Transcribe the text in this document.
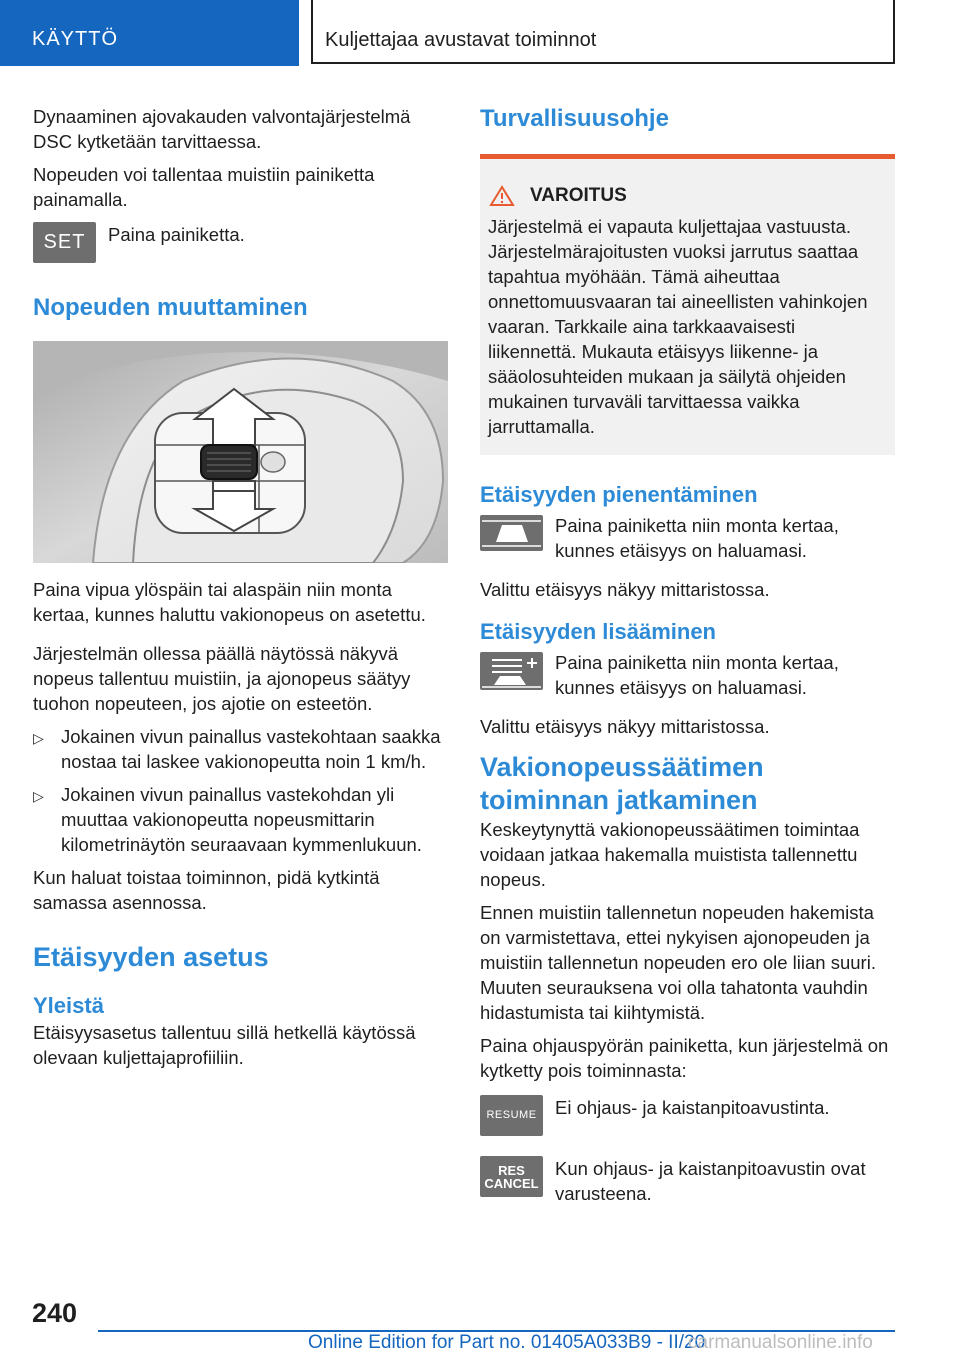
KÄYTTÖ	Kuljettajaa avustavat toiminnot

Dynaaminen ajovakauden valvontajärjestelmä DSC kytketään tarvittaessa.

Nopeuden voi tallentaa muistiin painiketta painamalla.

SET Paina painiketta.
Nopeuden muuttaminen

Paina vipua ylöspäin tai alaspäin niin monta kertaa, kunnes haluttu vakionopeus on asetettu.

Järjestelmän ollessa päällä näytössä näkyvä nopeus tallentuu muistiin, ja ajonopeus säätyy tuohon nopeuteen, jos ajotie on esteetön.

▷ Jokainen vivun painallus vastekohtaan saakka nostaa tai laskee vakionopeutta noin 1 km/h.
▷ Jokainen vivun painallus vastekohdan yli muuttaa vakionopeutta nopeusmittarin kilometrinäytön seuraavaan kymmenlukuun.

Kun haluat toistaa toiminnon, pidä kytkintä samassa asennossa.

Etäisyyden asetus
Yleistä

Etäisyysasetus tallentuu sillä hetkellä käytössä olevaan kuljettajaprofiiliin.

Turvallisuusohje
VAROITUS
Järjestelmä ei vapauta kuljettajaa vastuusta. Järjestelmärajoitusten vuoksi jarrutus saattaa tapahtua myöhään. Tämä aiheuttaa onnettomuusvaaran tai aineellisten vahinkojen vaaran. Tarkkaile aina tarkkaavaisesti liikennettä. Mukauta etäisyys liikenne- ja sääolosuhteiden mukaan ja säilytä ohjeiden mukainen turvaväli tarvittaessa vaikka jarruttamalla.
Etäisyyden pienentäminen
Paina painiketta niin monta kertaa, kunnes etäisyys on haluamasi.

Valittu etäisyys näkyy mittaristossa.

Etäisyyden lisääminen
Paina painiketta niin monta kertaa, kunnes etäisyys on haluamasi.

Valittu etäisyys näkyy mittaristossa.

Vakionopeussäätimen toiminnan jatkaminen

Keskeytynyttä vakionopeussäätimen toimintaa voidaan jatkaa hakemalla muistista tallennettu nopeus.

Ennen muistiin tallennetun nopeuden hakemista on varmistettava, ettei nykyisen ajonopeuden ja muistiin tallennetun nopeuden ero ole liian suuri. Muuten seurauksena voi olla tahatonta vauhdin hidastumista tai kiihtymistä.

Paina ohjauspyörän painiketta, kun järjestelmä on kytketty pois toiminnasta:

RESUME Ei ohjaus- ja kaistanpitoavustinta.
RES
CANCEL
Kun ohjaus- ja kaistanpitoavustin ovat varusteena.
240
Online Edition for Part no. 01405A033B9 - II/20
carmanualsonline.info
